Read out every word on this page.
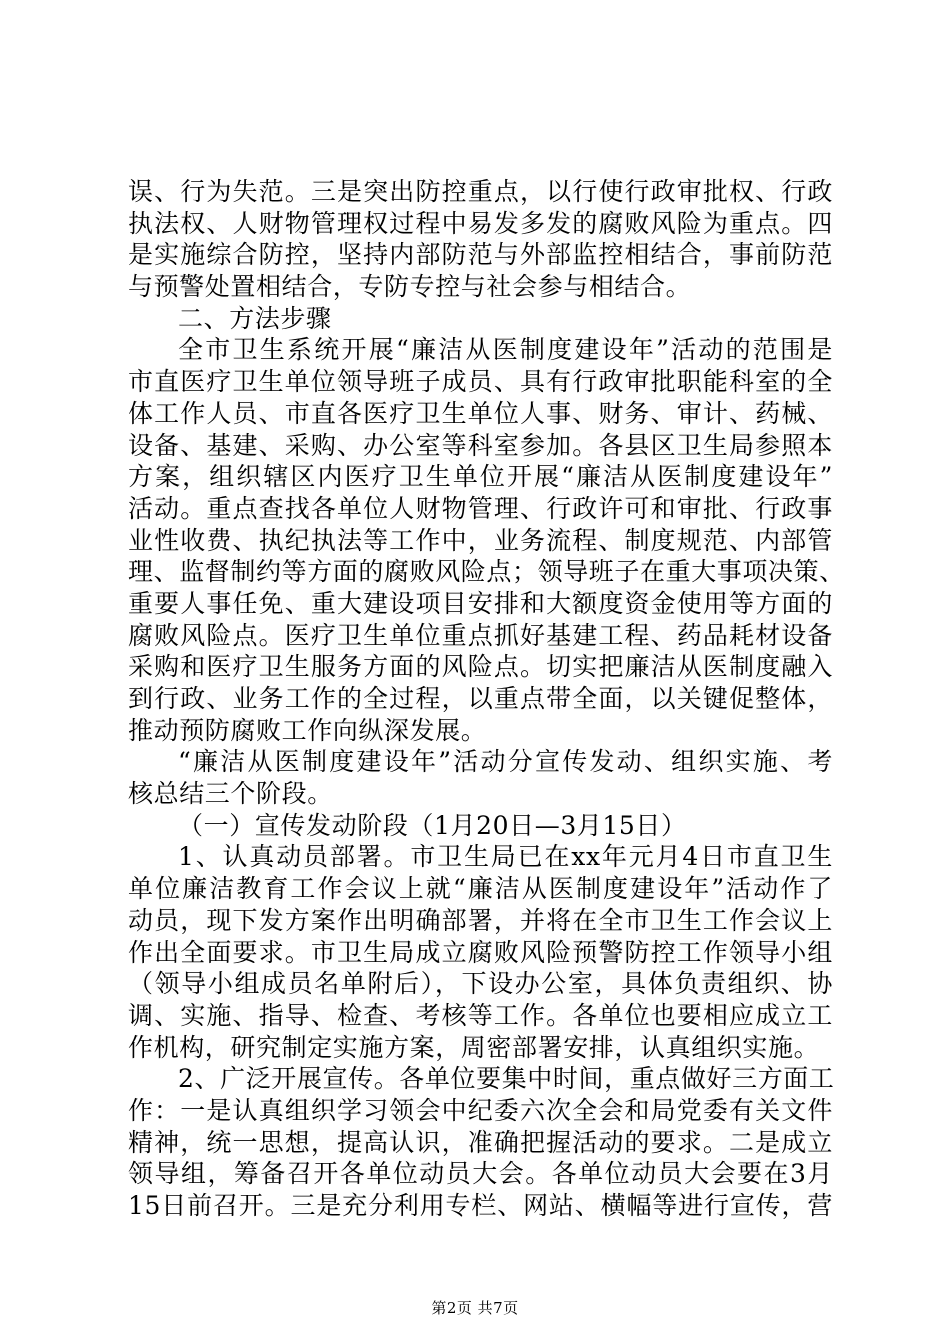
误、行为失范。三是突出防控重点，以行使行政审批权、行政
执法权、人财物管理权过程中易发多发的腐败风险为重点。四
是实施综合防控，坚持内部防范与外部监控相结合，事前防范
与预警处置相结合，专防专控与社会参与相结合。
二、方法步骤
全市卫生系统开展“廉洁从医制度建设年”活动的范围是
市直医疗卫生单位领导班子成员、具有行政审批职能科室的全
体工作人员、市直各医疗卫生单位人事、财务、审计、药械、
设备、基建、采购、办公室等科室参加。各县区卫生局参照本
方案，组织辖区内医疗卫生单位开展“廉洁从医制度建设年”
活动。重点查找各单位人财物管理、行政许可和审批、行政事
业性收费、执纪执法等工作中，业务流程、制度规范、内部管
理、监督制约等方面的腐败风险点；领导班子在重大事项决策、
重要人事任免、重大建设项目安排和大额度资金使用等方面的
腐败风险点。医疗卫生单位重点抓好基建工程、药品耗材设备
采购和医疗卫生服务方面的风险点。切实把廉洁从医制度融入
到行政、业务工作的全过程，以重点带全面，以关键促整体，
推动预防腐败工作向纵深发展。
“廉洁从医制度建设年”活动分宣传发动、组织实施、考
核总结三个阶段。
（一）宣传发动阶段（1月20日—3月15日）
1、认真动员部署。市卫生局已在xx年元月4日市直卫生
单位廉洁教育工作会议上就“廉洁从医制度建设年”活动作了
动员，现下发方案作出明确部署，并将在全市卫生工作会议上
作出全面要求。市卫生局成立腐败风险预警防控工作领导小组
（领导小组成员名单附后），下设办公室，具体负责组织、协
调、实施、指导、检查、考核等工作。各单位也要相应成立工
作机构，研究制定实施方案，周密部署安排，认真组织实施。
2、广泛开展宣传。各单位要集中时间，重点做好三方面工
作：一是认真组织学习领会中纪委六次全会和局党委有关文件
精神，统一思想，提高认识，准确把握活动的要求。二是成立
领导组，筹备召开各单位动员大会。各单位动员大会要在3月
15日前召开。三是充分利用专栏、网站、横幅等进行宣传，营
第2页 共7页
